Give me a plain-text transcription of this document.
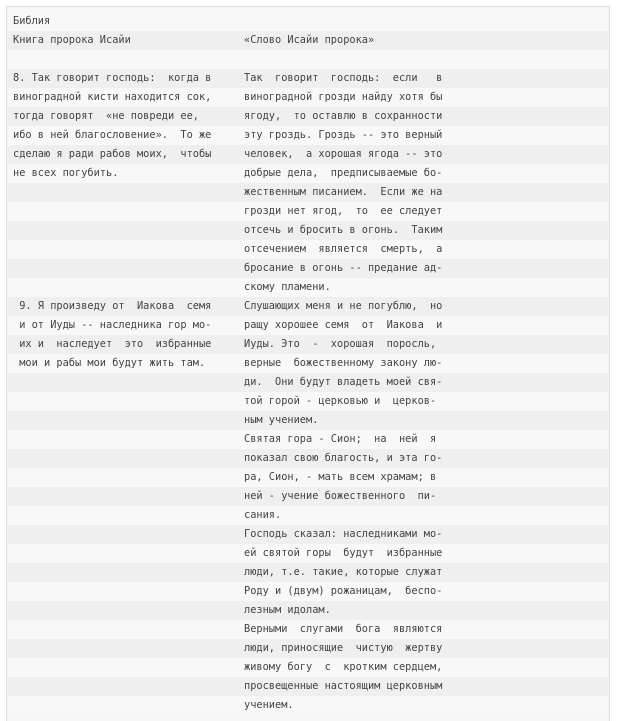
Библия
Книга пророка Исайи	«Слово Исайи пророка»
8. Так говорит господь:  когда в	Так  говорит  господь:  если   в
виноградной кисти находится сок,	виноградной грозди найду хотя бы
тогда говорят  «не повреди ее,	ягоду,  то оставлю в сохранности
ибо в ней благословение».  То же	эту гроздь. Гроздь -- это верный
сделаю я ради рабов моих,  чтобы	человек,  а хорошая ягода -- это
не всех погубить.	добрые дела,  предписываемые бо-
жественным писанием.  Если же на
грозди нет ягод,  то  ее следует
отсечь и бросить в огонь.  Таким
отсечением  является  смерть,  а
бросание в огонь -- предание ад-
скому пламени.
9. Я произведу от  Иакова  семя	Слушающих меня и не погублю,  но
и от Иуды -- наследника гор мо-	ращу хорошее семя  от  Иакова  и
их и  наследует  это  избранные	Иуды. Это  -  хорошая  поросль,
мои и рабы мои будут жить там.	верные  божественному закону лю-
ди.  Они будут владеть моей свя-
той горой - церковью и  церков-
ным учением.
Святая гора - Сион;  на  ней  я
показал свою благость, и эта го-
ра, Сион, - мать всем храмам; в
ней - учение божественного  пи-
сания.
Господь сказал: наследниками мо-
ей святой горы  будут  избранные
люди, т.е. такие, которые служат
Роду и (двум) рожаницам,  беспо-
лезным идолам.
Верными  слугами  бога  являются
люди, приносящие  чистую  жертву
живому богу  с  кротким сердцем,
просвещенные настоящим церковным
учением.
